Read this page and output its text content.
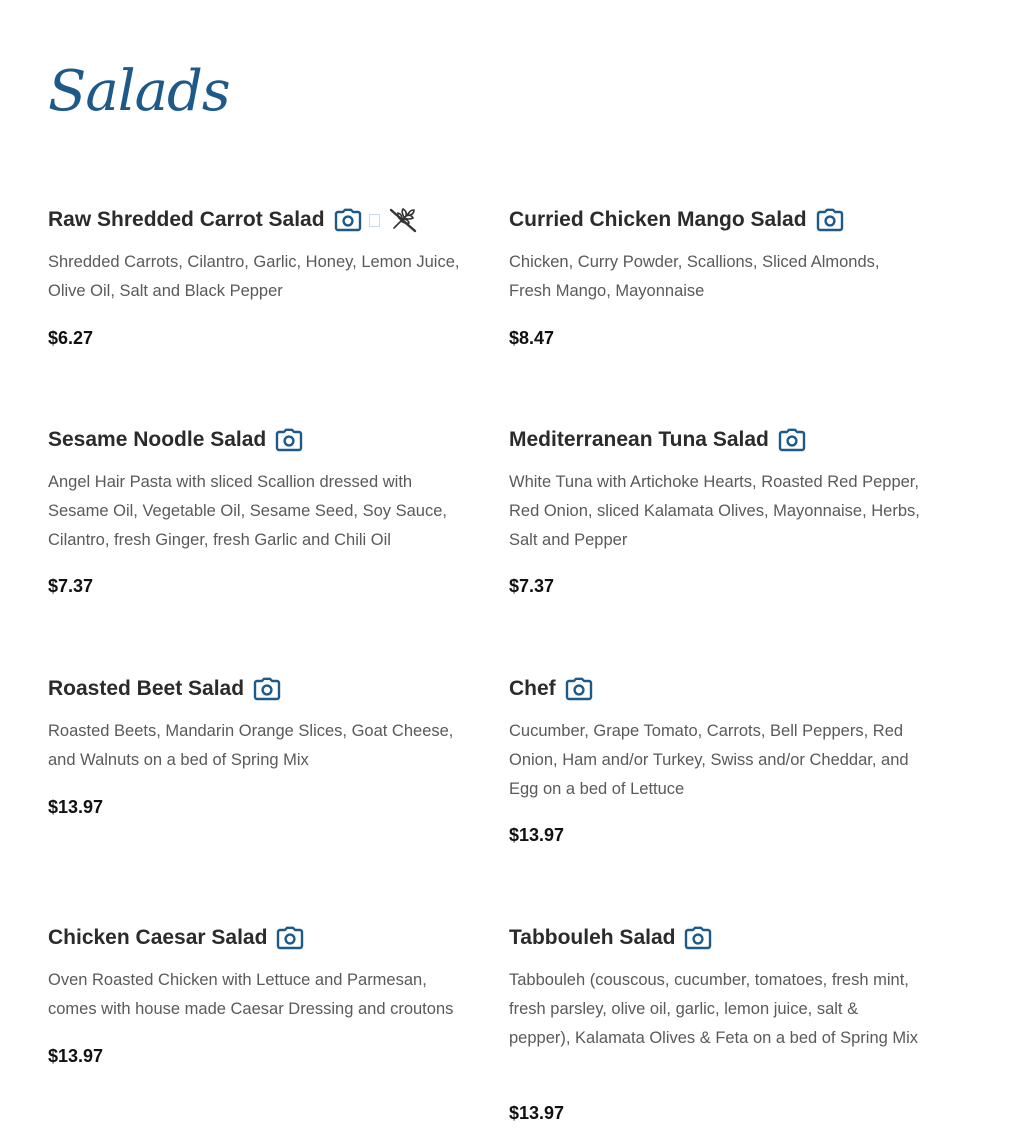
Salads
Raw Shredded Carrot Salad

Shredded Carrots, Cilantro, Garlic, Honey, Lemon Juice, Olive Oil, Salt and Black Pepper

$6.27
Curried Chicken Mango Salad

Chicken, Curry Powder, Scallions, Sliced Almonds, Fresh Mango, Mayonnaise

$8.47
Sesame Noodle Salad

Angel Hair Pasta with sliced Scallion dressed with Sesame Oil, Vegetable Oil, Sesame Seed, Soy Sauce, Cilantro, fresh Ginger, fresh Garlic and Chili Oil

$7.37
Mediterranean Tuna Salad

White Tuna with Artichoke Hearts, Roasted Red Pepper, Red Onion, sliced Kalamata Olives, Mayonnaise, Herbs, Salt and Pepper

$7.37
Roasted Beet Salad

Roasted Beets, Mandarin Orange Slices, Goat Cheese, and Walnuts on a bed of Spring Mix

$13.97
Chef

Cucumber, Grape Tomato, Carrots, Bell Peppers, Red Onion, Ham and/or Turkey, Swiss and/or Cheddar, and Egg on a bed of Lettuce

$13.97
Chicken Caesar Salad

Oven Roasted Chicken with Lettuce and Parmesan, comes with house made Caesar Dressing and croutons

$13.97
Tabbouleh Salad

Tabbouleh (couscous, cucumber, tomatoes, fresh mint, fresh parsley, olive oil, garlic, lemon juice, salt & pepper), Kalamata Olives & Feta on a bed of Spring Mix

$13.97
